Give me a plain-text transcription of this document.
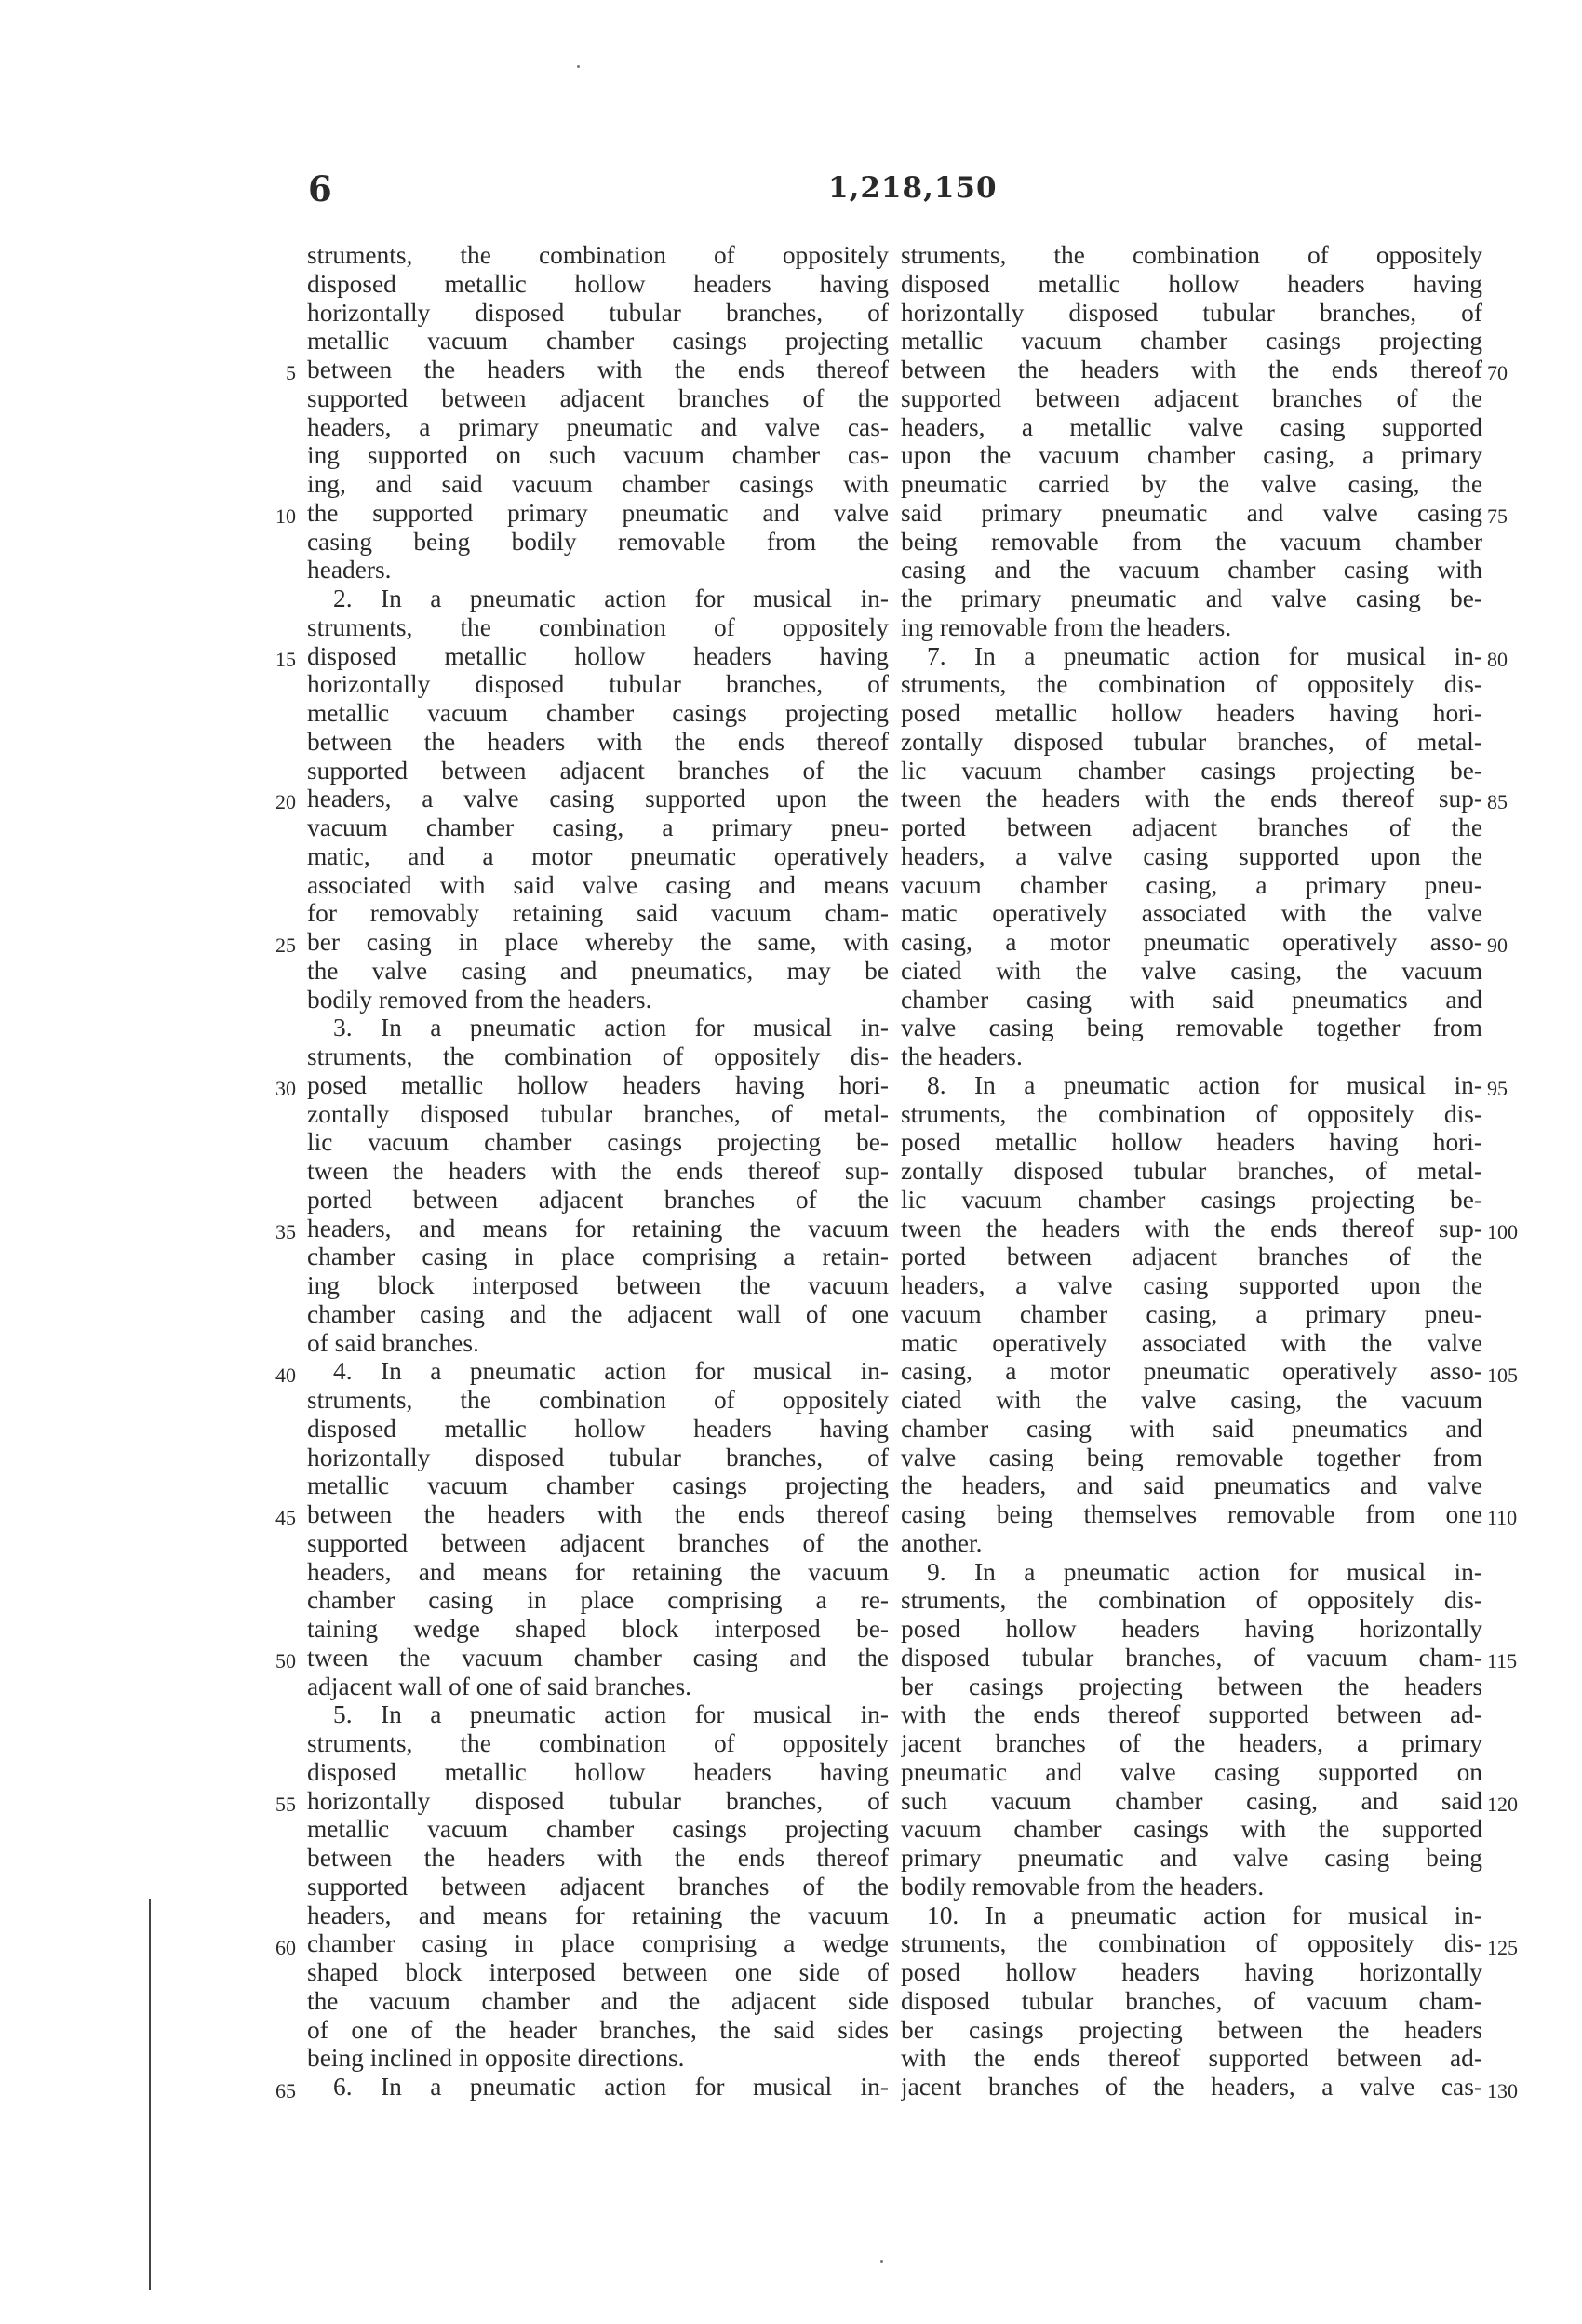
6	1,218,150
struments, the combination of oppositely
disposed metallic hollow headers having
horizontally disposed tubular branches, of
metallic vacuum chamber casings projecting
between the headers with the ends thereof
supported between adjacent branches of the
headers, a primary pneumatic and valve cas-
ing supported on such vacuum chamber cas-
ing, and said vacuum chamber casings with
the supported primary pneumatic and valve
casing being bodily removable from the
headers.
2. In a pneumatic action for musical in-
struments, the combination of oppositely
disposed metallic hollow headers having
horizontally disposed tubular branches, of
metallic vacuum chamber casings projecting
between the headers with the ends thereof
supported between adjacent branches of the
headers, a valve casing supported upon the
vacuum chamber casing, a primary pneu-
matic, and a motor pneumatic operatively
associated with said valve casing and means
for removably retaining said vacuum cham-
ber casing in place whereby the same, with
the valve casing and pneumatics, may be
bodily removed from the headers.
3. In a pneumatic action for musical in-
struments, the combination of oppositely dis-
posed metallic hollow headers having hori-
zontally disposed tubular branches, of metal-
lic vacuum chamber casings projecting be-
tween the headers with the ends thereof sup-
ported between adjacent branches of the
headers, and means for retaining the vacuum
chamber casing in place comprising a retain-
ing block interposed between the vacuum
chamber casing and the adjacent wall of one
of said branches.
4. In a pneumatic action for musical in-
struments, the combination of oppositely
disposed metallic hollow headers having
horizontally disposed tubular branches, of
metallic vacuum chamber casings projecting
between the headers with the ends thereof
supported between adjacent branches of the
headers, and means for retaining the vacuum
chamber casing in place comprising a re-
taining wedge shaped block interposed be-
tween the vacuum chamber casing and the
adjacent wall of one of said branches.
5. In a pneumatic action for musical in-
struments, the combination of oppositely
disposed metallic hollow headers having
horizontally disposed tubular branches, of
metallic vacuum chamber casings projecting
between the headers with the ends thereof
supported between adjacent branches of the
headers, and means for retaining the vacuum
chamber casing in place comprising a wedge
shaped block interposed between one side of
the vacuum chamber and the adjacent side
of one of the header branches, the said sides
being inclined in opposite directions.
6. In a pneumatic action for musical in-
struments, the combination of oppositely
disposed metallic hollow headers having
horizontally disposed tubular branches, of
metallic vacuum chamber casings projecting
between the headers with the ends thereof
supported between adjacent branches of the
headers, a metallic valve casing supported
upon the vacuum chamber casing, a primary
pneumatic carried by the valve casing, the
said primary pneumatic and valve casing
being removable from the vacuum chamber
casing and the vacuum chamber casing with
the primary pneumatic and valve casing be-
ing removable from the headers.
7. In a pneumatic action for musical in-
struments, the combination of oppositely dis-
posed metallic hollow headers having hori-
zontally disposed tubular branches, of metal-
lic vacuum chamber casings projecting be-
tween the headers with the ends thereof sup-
ported between adjacent branches of the
headers, a valve casing supported upon the
vacuum chamber casing, a primary pneu-
matic operatively associated with the valve
casing, a motor pneumatic operatively asso-
ciated with the valve casing, the vacuum
chamber casing with said pneumatics and
valve casing being removable together from
the headers.
8. In a pneumatic action for musical in-
struments, the combination of oppositely dis-
posed metallic hollow headers having hori-
zontally disposed tubular branches, of metal-
lic vacuum chamber casings projecting be-
tween the headers with the ends thereof sup-
ported between adjacent branches of the
headers, a valve casing supported upon the
vacuum chamber casing, a primary pneu-
matic operatively associated with the valve
casing, a motor pneumatic operatively asso-
ciated with the valve casing, the vacuum
chamber casing with said pneumatics and
valve casing being removable together from
the headers, and said pneumatics and valve
casing being themselves removable from one
another.
9. In a pneumatic action for musical in-
struments, the combination of oppositely dis-
posed hollow headers having horizontally
disposed tubular branches, of vacuum cham-
ber casings projecting between the headers
with the ends thereof supported between ad-
jacent branches of the headers, a primary
pneumatic and valve casing supported on
such vacuum chamber casing, and said
vacuum chamber casings with the supported
primary pneumatic and valve casing being
bodily removable from the headers.
10. In a pneumatic action for musical in-
struments, the combination of oppositely dis-
posed hollow headers having horizontally
disposed tubular branches, of vacuum cham-
ber casings projecting between the headers
with the ends thereof supported between ad-
jacent branches of the headers, a valve cas-
5
10
15
20
25
30
35
40
45
50
55
60
65
70
75
80
85
90
95
100
105
110
115
120
125
130
